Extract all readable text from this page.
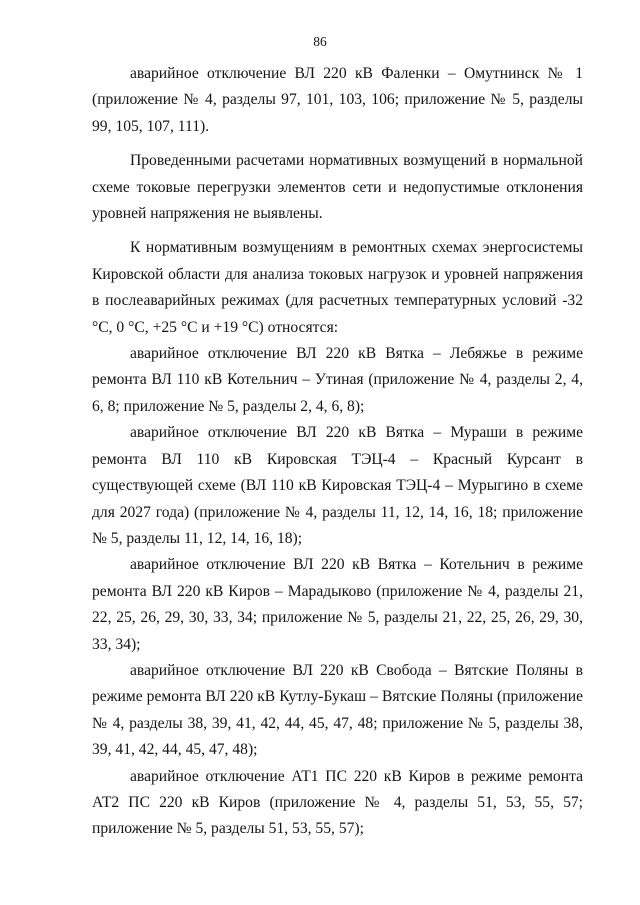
86

аварийное отключение ВЛ 220 кВ Фаленки – Омутнинск № 1 (приложение № 4, разделы 97, 101, 103, 106; приложение № 5, разделы 99, 105, 107, 111).

Проведенными расчетами нормативных возмущений в нормальной схеме токовые перегрузки элементов сети и недопустимые отклонения уровней напряжения не выявлены.

К нормативным возмущениям в ремонтных схемах энергосистемы Кировской области для анализа токовых нагрузок и уровней напряжения в послеаварийных режимах (для расчетных температурных условий -32 °С, 0 °С, +25 °С и +19 °С) относятся:

аварийное отключение ВЛ 220 кВ Вятка – Лебяжье в режиме ремонта ВЛ 110 кВ Котельнич – Утиная (приложение № 4, разделы 2, 4, 6, 8; приложение № 5, разделы 2, 4, 6, 8);

аварийное отключение ВЛ 220 кВ Вятка – Мураши в режиме ремонта ВЛ 110 кВ Кировская ТЭЦ-4 – Красный Курсант в существующей схеме (ВЛ 110 кВ Кировская ТЭЦ-4 – Мурыгино в схеме для 2027 года) (приложение № 4, разделы 11, 12, 14, 16, 18; приложение № 5, разделы 11, 12, 14, 16, 18);

аварийное отключение ВЛ 220 кВ Вятка – Котельнич в режиме ремонта ВЛ 220 кВ Киров – Марадыково (приложение № 4, разделы 21, 22, 25, 26, 29, 30, 33, 34; приложение № 5, разделы 21, 22, 25, 26, 29, 30, 33, 34);

аварийное отключение ВЛ 220 кВ Свобода – Вятские Поляны в режиме ремонта ВЛ 220 кВ Кутлу-Букаш – Вятские Поляны (приложение № 4, разделы 38, 39, 41, 42, 44, 45, 47, 48; приложение № 5, разделы 38, 39, 41, 42, 44, 45, 47, 48);

аварийное отключение АТ1 ПС 220 кВ Киров в режиме ремонта АТ2 ПС 220 кВ Киров (приложение № 4, разделы 51, 53, 55, 57; приложение № 5, разделы 51, 53, 55, 57);
